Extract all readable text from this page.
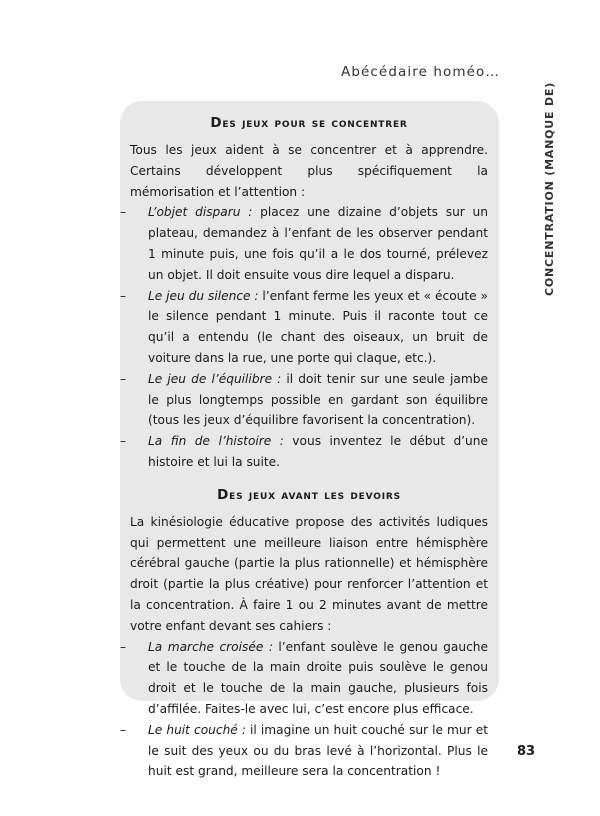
Abécédaire homéo…
CONCENTRATION (MANQUE DE)
Des jeux pour se concentrer

Tous les jeux aident à se concentrer et à apprendre. Certains développent plus spécifiquement la mémorisation et l’attention :

– L’objet disparu : placez une dizaine d’objets sur un plateau, demandez à l’enfant de les observer pendant 1 minute puis, une fois qu’il a le dos tourné, prélevez un objet. Il doit ensuite vous dire lequel a disparu.

– Le jeu du silence : l’enfant ferme les yeux et « écoute » le silence pendant 1 minute. Puis il raconte tout ce qu’il a entendu (le chant des oiseaux, un bruit de voiture dans la rue, une porte qui claque, etc.).

– Le jeu de l’équilibre : il doit tenir sur une seule jambe le plus longtemps possible en gardant son équilibre (tous les jeux d’équilibre favorisent la concentration).

– La fin de l’histoire : vous inventez le début d’une histoire et lui la suite.

Des jeux avant les devoirs

La kinésiologie éducative propose des activités ludiques qui permettent une meilleure liaison entre hémisphère cérébral gauche (partie la plus rationnelle) et hémisphère droit (partie la plus créative) pour renforcer l’attention et la concentration. À faire 1 ou 2 minutes avant de mettre votre enfant devant ses cahiers :

– La marche croisée : l’enfant soulève le genou gauche et le touche de la main droite puis soulève le genou droit et le touche de la main gauche, plusieurs fois d’affilée. Faites-le avec lui, c’est encore plus efficace.

– Le huit couché : il imagine un huit couché sur le mur et le suit des yeux ou du bras levé à l’horizontal. Plus le huit est grand, meilleure sera la concentration !

83
